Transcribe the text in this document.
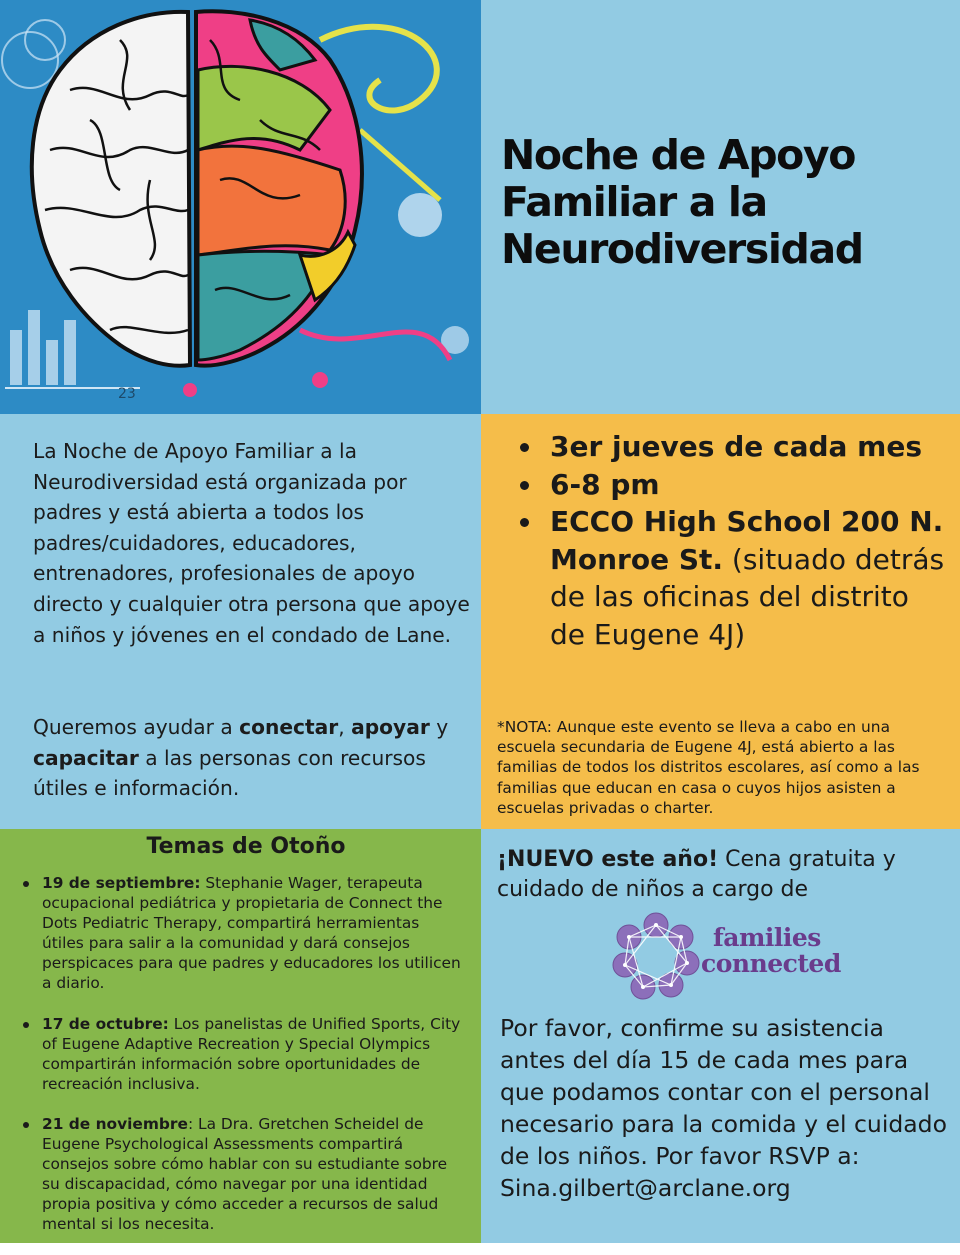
23
Noche de Apoyo
Familiar a la
Neurodiversidad

La Noche de Apoyo Familiar a la Neurodiversidad está organizada por padres y está abierta a todos los padres/cuidadores, educadores, entrenadores, profesionales de apoyo directo y cualquier otra persona que apoye a niños y jóvenes en el condado de Lane.

Queremos ayudar a conectar, apoyar y capacitar a las personas con recursos útiles e información.

3er jueves de cada mes
6-8 pm
ECCO High School 200 N. Monroe St. (situado detrás de las oficinas del distrito de Eugene 4J)

*NOTA: Aunque este evento se lleva a cabo en una escuela secundaria de Eugene 4J, está abierto a las familias de todos los distritos escolares, así como a las familias que educan en casa o cuyos hijos asisten a escuelas privadas o charter.

Temas de Otoño
19 de septiembre: Stephanie Wager, terapeuta ocupacional pediátrica y propietaria de Connect the Dots Pediatric Therapy, compartirá herramientas útiles para salir a la comunidad y dará consejos perspicaces para que padres y educadores los utilicen a diario.
17 de octubre: Los panelistas de Unified Sports, City of Eugene Adaptive Recreation y Special Olympics compartirán información sobre oportunidades de recreación inclusiva.
21 de noviembre: La Dra. Gretchen Scheidel de Eugene Psychological Assessments compartirá consejos sobre cómo hablar con su estudiante sobre su discapacidad, cómo navegar por una identidad propia positiva y cómo acceder a recursos de salud mental si los necesita.

¡NUEVO este año! Cena gratuita y cuidado de niños a cargo de

families
connected

Por favor, confirme su asistencia antes del día 15 de cada mes para que podamos contar con el personal necesario para la comida y el cuidado de los niños. Por favor RSVP a: Sina.gilbert@arclane.org
